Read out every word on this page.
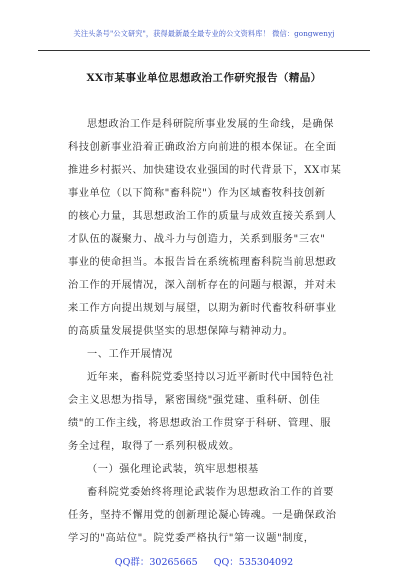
关注头条号"公文研究"，获得最新最全最专业的公文资料库！ 微信：gongwenyj
XX市某事业单位思想政治工作研究报告（精品）
思想政治工作是科研院所事业发展的生命线，是确保
科技创新事业沿着正确政治方向前进的根本保证。在全面
推进乡村振兴、加快建设农业强国的时代背景下，XX市某
事业单位（以下简称"畜科院"）作为区域畜牧科技创新
的核心力量，其思想政治工作的质量与成效直接关系到人
才队伍的凝聚力、战斗力与创造力，关系到服务"三农"
事业的使命担当。本报告旨在系统梳理畜科院当前思想政
治工作的开展情况，深入剖析存在的问题与根源，并对未
来工作方向提出规划与展望，以期为新时代畜牧科研事业
的高质量发展提供坚实的思想保障与精神动力。
一、工作开展情况
近年来，畜科院党委坚持以习近平新时代中国特色社
会主义思想为指导，紧密围绕"强党建、重科研、创佳
绩"的工作主线，将思想政治工作贯穿于科研、管理、服
务全过程，取得了一系列积极成效。
（一）强化理论武装，筑牢思想根基
畜科院党委始终将理论武装作为思想政治工作的首要
任务，坚持不懈用党的创新理论凝心铸魂。一是确保政治
学习的"高站位"。院党委严格执行"第一议题"制度，
QQ群：30265665 QQ：535304092
